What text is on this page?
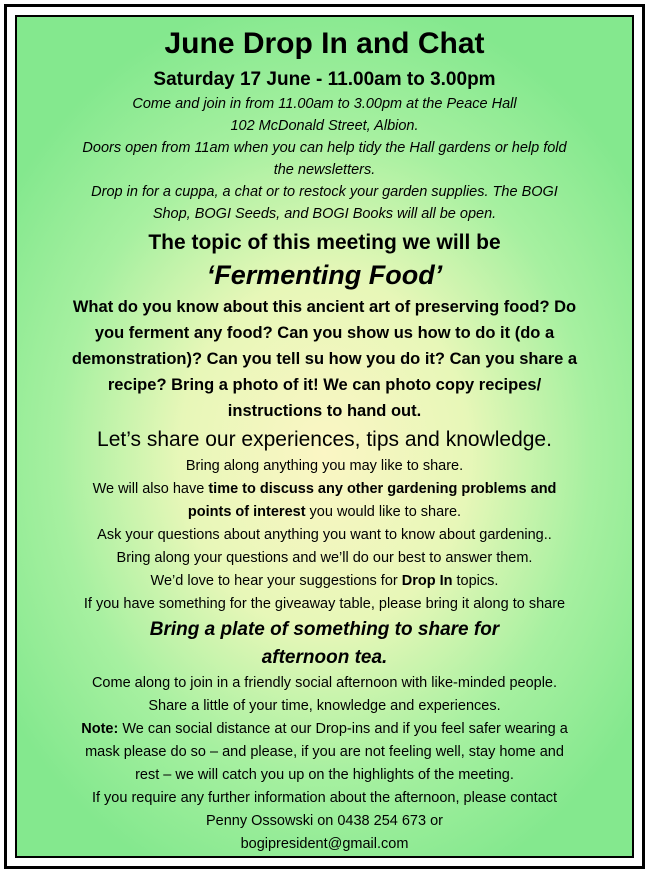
June Drop In and Chat

Saturday 17 June - 11.00am to 3.00pm

Come and join in from 11.00am to 3.00pm at the Peace Hall

102 McDonald Street, Albion.

Doors open from 11am when you can help tidy the Hall gardens or help fold

the newsletters.

Drop in for a cuppa, a chat or to restock your garden supplies. The BOGI

Shop, BOGI Seeds, and BOGI Books will all be open.

The topic of this meeting we will be

‘Fermenting Food’

What do you know about this ancient art of preserving food? Do

you ferment any food? Can you show us how to do it (do a

demonstration)? Can you tell su how you do it? Can you share a

recipe? Bring a photo of it! We can photo copy recipes/

instructions to hand out.

Let’s share our experiences, tips and knowledge.

Bring along anything you may like to share.

We will also have time to discuss any other gardening problems and

points of interest you would like to share.

Ask your questions about anything you want to know about gardening..

Bring along your questions and we’ll do our best to answer them.

We’d love to hear your suggestions for Drop In topics.

If you have something for the giveaway table, please bring it along to share

Bring a plate of something to share for

afternoon tea.

Come along to join in a friendly social afternoon with like-minded people.

Share a little of your time, knowledge and experiences.

Note: We can social distance at our Drop-ins and if you feel safer wearing a

mask please do so – and please, if you are not feeling well, stay home and

rest – we will catch you up on the highlights of the meeting.

If you require any further information about the afternoon, please contact

Penny Ossowski on 0438 254 673 or

bogipresident@gmail.com
